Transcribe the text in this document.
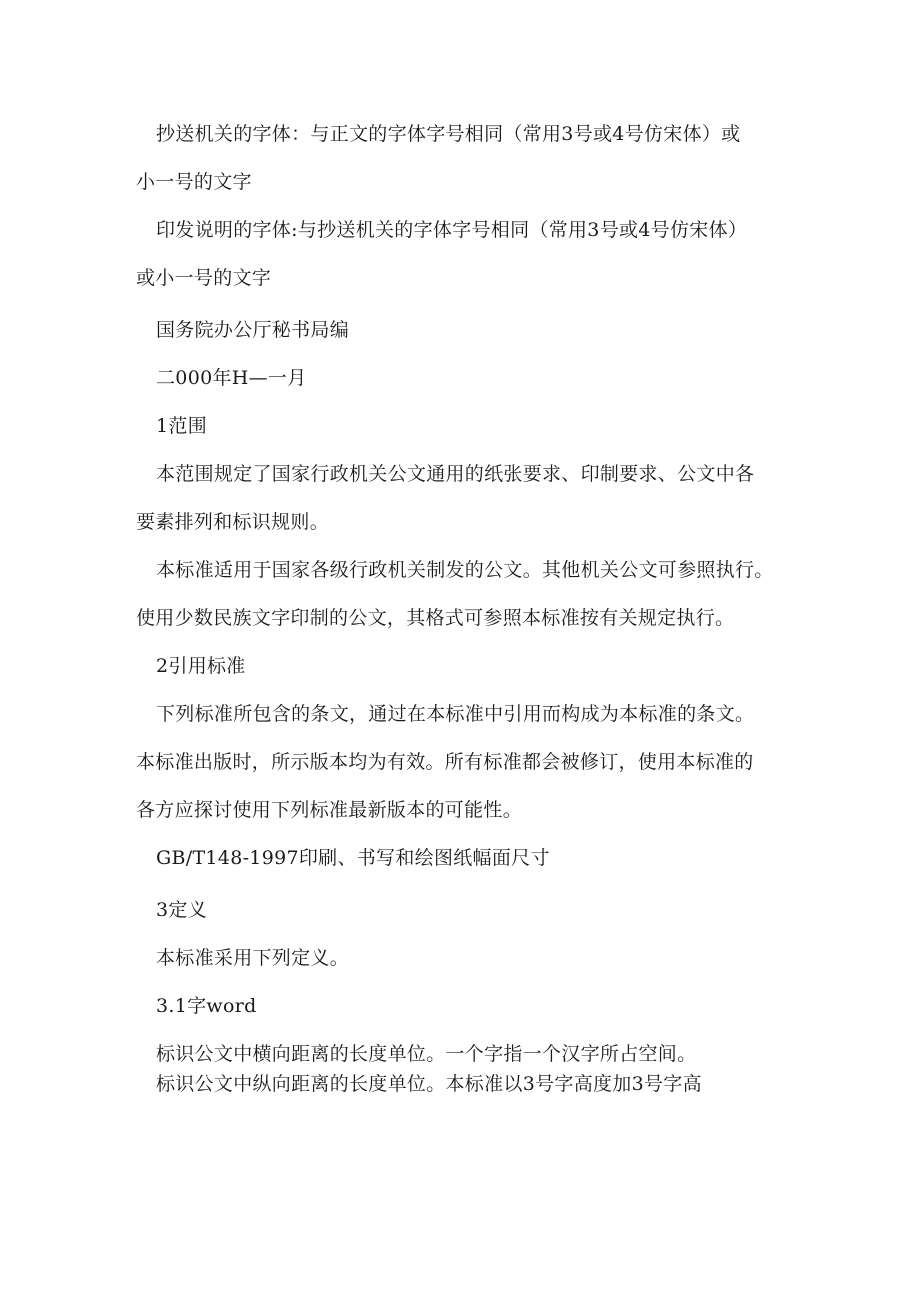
抄送机关的字体：与正文的字体字号相同（常用3号或4号仿宋体）或
小一号的文字
印发说明的字体:与抄送机关的字体字号相同（常用3号或4号仿宋体）
或小一号的文字
国务院办公厅秘书局编
二000年H—一月
1范围
本范围规定了国家行政机关公文通用的纸张要求、印制要求、公文中各
要素排列和标识规则。
本标准适用于国家各级行政机关制发的公文。其他机关公文可参照执行。
使用少数民族文字印制的公文，其格式可参照本标准按有关规定执行。
2引用标准
下列标准所包含的条文，通过在本标准中引用而构成为本标准的条文。
本标准出版时，所示版本均为有效。所有标准都会被修订，使用本标准的
各方应探讨使用下列标准最新版本的可能性。
GB/T148-1997印刷、书写和绘图纸幅面尺寸
3定义
本标准采用下列定义。
3.1字word
标识公文中横向距离的长度单位。一个字指一个汉字所占空间。
标识公文中纵向距离的长度单位。本标准以3号字高度加3号字高
